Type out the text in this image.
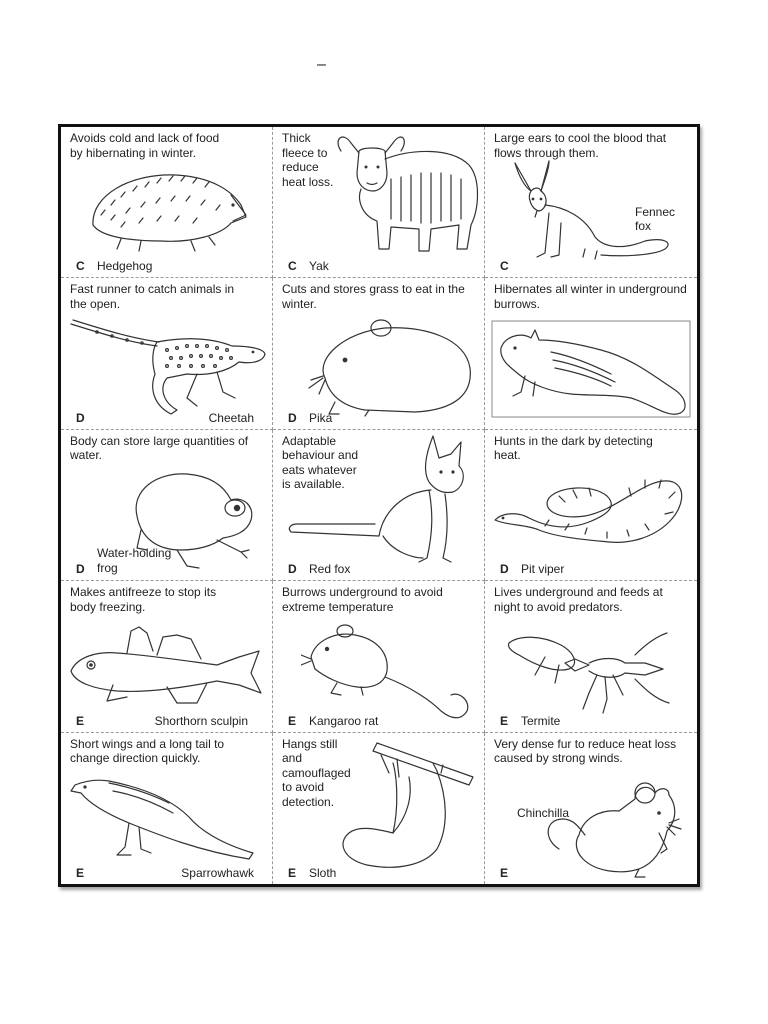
–
Avoids cold and lack of food by hibernating in winter.
C Hedgehog
Thick fleece to reduce heat loss.
C Yak
Large ears to cool the blood that flows through them.
Fennec fox
C
Fast runner to catch animals in the open.
D	Cheetah
Cuts and stores grass to eat in the winter.
D Pika
Hibernates all winter in underground burrows.
Body can store large quantities of water.
D
Water-holding frog
Adaptable behaviour and eats whatever is available.
D Red fox
Hunts in the dark by detecting heat.
D Pit viper
Makes antifreeze to stop its body freezing.
E	Shorthorn sculpin
Burrows underground to avoid extreme temperature
E Kangaroo rat
Lives underground and feeds at night to avoid predators.
E Termite
Short wings and a long tail to change direction quickly.
E	Sparrowhawk
Hangs still and camouflaged to avoid detection.
E Sloth
Very dense fur to reduce heat loss caused by strong winds.
Chinchilla
E
